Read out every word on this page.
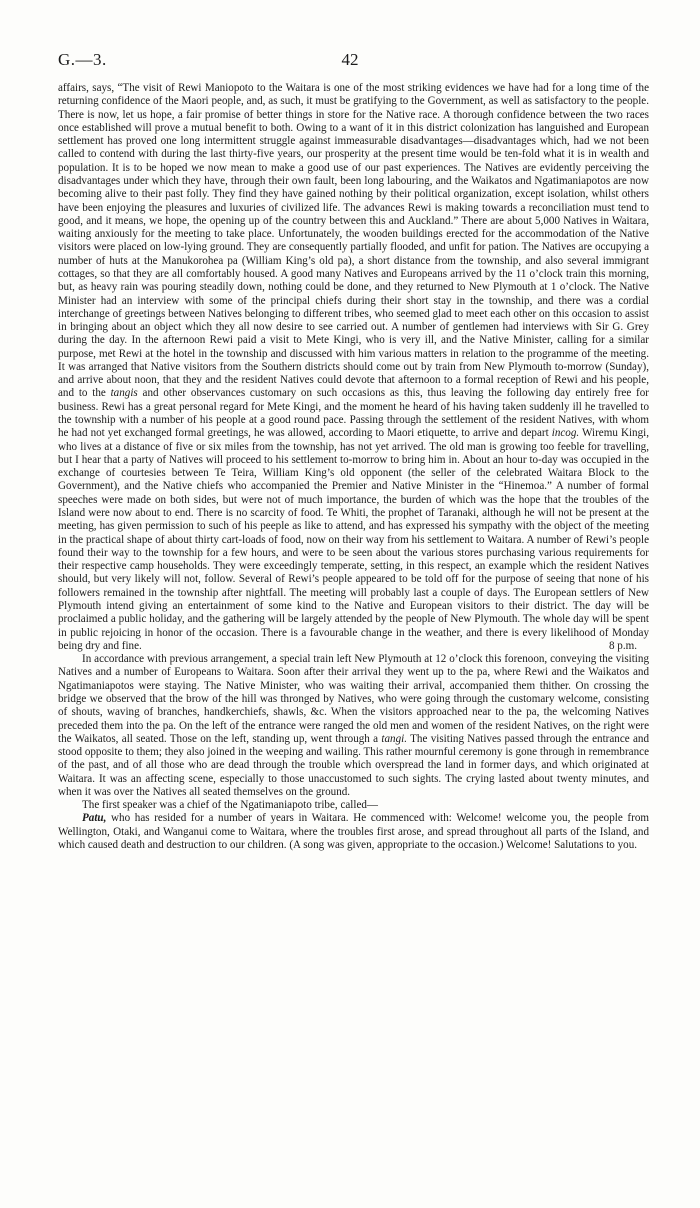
42
G.—3.

affairs, says, “The visit of Rewi Maniopoto to the Waitara is one of the most striking evidences we have had for a long time of the returning confidence of the Maori people, and, as such, it must be gratifying to the Government, as well as satisfactory to the people. There is now, let us hope, a fair promise of better things in store for the Native race. A thorough confidence between the two races once established will prove a mutual benefit to both. Owing to a want of it in this district colonization has languished and European settlement has proved one long intermittent struggle against immeasurable disadvantages—disadvantages which, had we not been called to contend with during the last thirty-five years, our prosperity at the present time would be ten-fold what it is in wealth and population. It is to be hoped we now mean to make a good use of our past experiences. The Natives are evidently perceiving the disadvantages under which they have, through their own fault, been long labouring, and the Waikatos and Ngatimaniapotos are now becoming alive to their past folly. They find they have gained nothing by their political organization, except isolation, whilst others have been enjoying the pleasures and luxuries of civilized life. The advances Rewi is making towards a reconciliation must tend to good, and it means, we hope, the opening up of the country between this and Auckland.” There are about 5,000 Natives in Waitara, waiting anxiously for the meeting to take place. Unfortunately, the wooden buildings erected for the accommodation of the Native visitors were placed on low-lying ground. They are consequently partially flooded, and unfit for pation. The Natives are occupying a number of huts at the Manukorohea pa (William King’s old pa), a short distance from the township, and also several immigrant cottages, so that they are all comfortably housed. A good many Natives and Europeans arrived by the 11 o’clock train this morning, but, as heavy rain was pouring steadily down, nothing could be done, and they returned to New Plymouth at 1 o’clock. The Native Minister had an interview with some of the principal chiefs during their short stay in the township, and there was a cordial interchange of greetings between Natives belonging to different tribes, who seemed glad to meet each other on this occasion to assist in bringing about an object which they all now desire to see carried out. A number of gentlemen had interviews with Sir G. Grey during the day. In the afternoon Rewi paid a visit to Mete Kingi, who is very ill, and the Native Minister, calling for a similar purpose, met Rewi at the hotel in the township and discussed with him various matters in relation to the programme of the meeting. It was arranged that Native visitors from the Southern districts should come out by train from New Plymouth to-morrow (Sunday), and arrive about noon, that they and the resident Natives could devote that afternoon to a formal reception of Rewi and his people, and to the tangis and other observances customary on such occasions as this, thus leaving the following day entirely free for business. Rewi has a great personal regard for Mete Kingi, and the moment he heard of his having taken suddenly ill he travelled to the township with a number of his people at a good round pace. Passing through the settlement of the resident Natives, with whom he had not yet exchanged formal greetings, he was allowed, according to Maori etiquette, to arrive and depart incog. Wiremu Kingi, who lives at a distance of five or six miles from the township, has not yet arrived. The old man is growing too feeble for travelling, but I hear that a party of Natives will proceed to his settlement to-morrow to bring him in. About an hour to-day was occupied in the exchange of courtesies between Te Teira, William King’s old opponent (the seller of the celebrated Waitara Block to the Government), and the Native chiefs who accompanied the Premier and Native Minister in the “Hinemoa.” A number of formal speeches were made on both sides, but were not of much importance, the burden of which was the hope that the troubles of the Island were now about to end. There is no scarcity of food. Te Whiti, the prophet of Taranaki, although he will not be present at the meeting, has given permission to such of his peeple as like to attend, and has expressed his sympathy with the object of the meeting in the practical shape of about thirty cart-loads of food, now on their way from his settlement to Waitara. A number of Rewi’s people found their way to the township for a few hours, and were to be seen about the various stores purchasing various requirements for their respective camp households. They were exceedingly temperate, setting, in this respect, an example which the resident Natives should, but very likely will not, follow. Several of Rewi’s people appeared to be told off for the purpose of seeing that none of his followers remained in the township after nightfall. The meeting will probably last a couple of days. The European settlers of New Plymouth intend giving an entertainment of some kind to the Native and European visitors to their district. The day will be proclaimed a public holiday, and the gathering will be largely attended by the people of New Plymouth. The whole day will be spent in public rejoicing in honor of the occasion. There is a favourable change in the weather, and there is every likelihood of Monday being dry and fine.	8 p.m.

In accordance with previous arrangement, a special train left New Plymouth at 12 o’clock this forenoon, conveying the visiting Natives and a number of Europeans to Waitara. Soon after their arrival they went up to the pa, where Rewi and the Waikatos and Ngatimaniapotos were staying. The Native Minister, who was waiting their arrival, accompanied them thither. On crossing the bridge we observed that the brow of the hill was thronged by Natives, who were going through the customary welcome, consisting of shouts, waving of branches, handkerchiefs, shawls, &c. When the visitors approached near to the pa, the welcoming Natives preceded them into the pa. On the left of the entrance were ranged the old men and women of the resident Natives, on the right were the Waikatos, all seated. Those on the left, standing up, went through a tangi. The visiting Natives passed through the entrance and stood opposite to them; they also joined in the weeping and wailing. This rather mournful ceremony is gone through in remembrance of the past, and of all those who are dead through the trouble which overspread the land in former days, and which originated at Waitara. It was an affecting scene, especially to those unaccustomed to such sights. The crying lasted about twenty minutes, and when it was over the Natives all seated themselves on the ground.

The first speaker was a chief of the Ngatimaniapoto tribe, called—

Patu, who has resided for a number of years in Waitara. He commenced with: Welcome! welcome you, the people from Wellington, Otaki, and Wanganui come to Waitara, where the troubles first arose, and spread throughout all parts of the Island, and which caused death and destruction to our children. (A song was given, appropriate to the occasion.) Welcome! Salutations to you.
